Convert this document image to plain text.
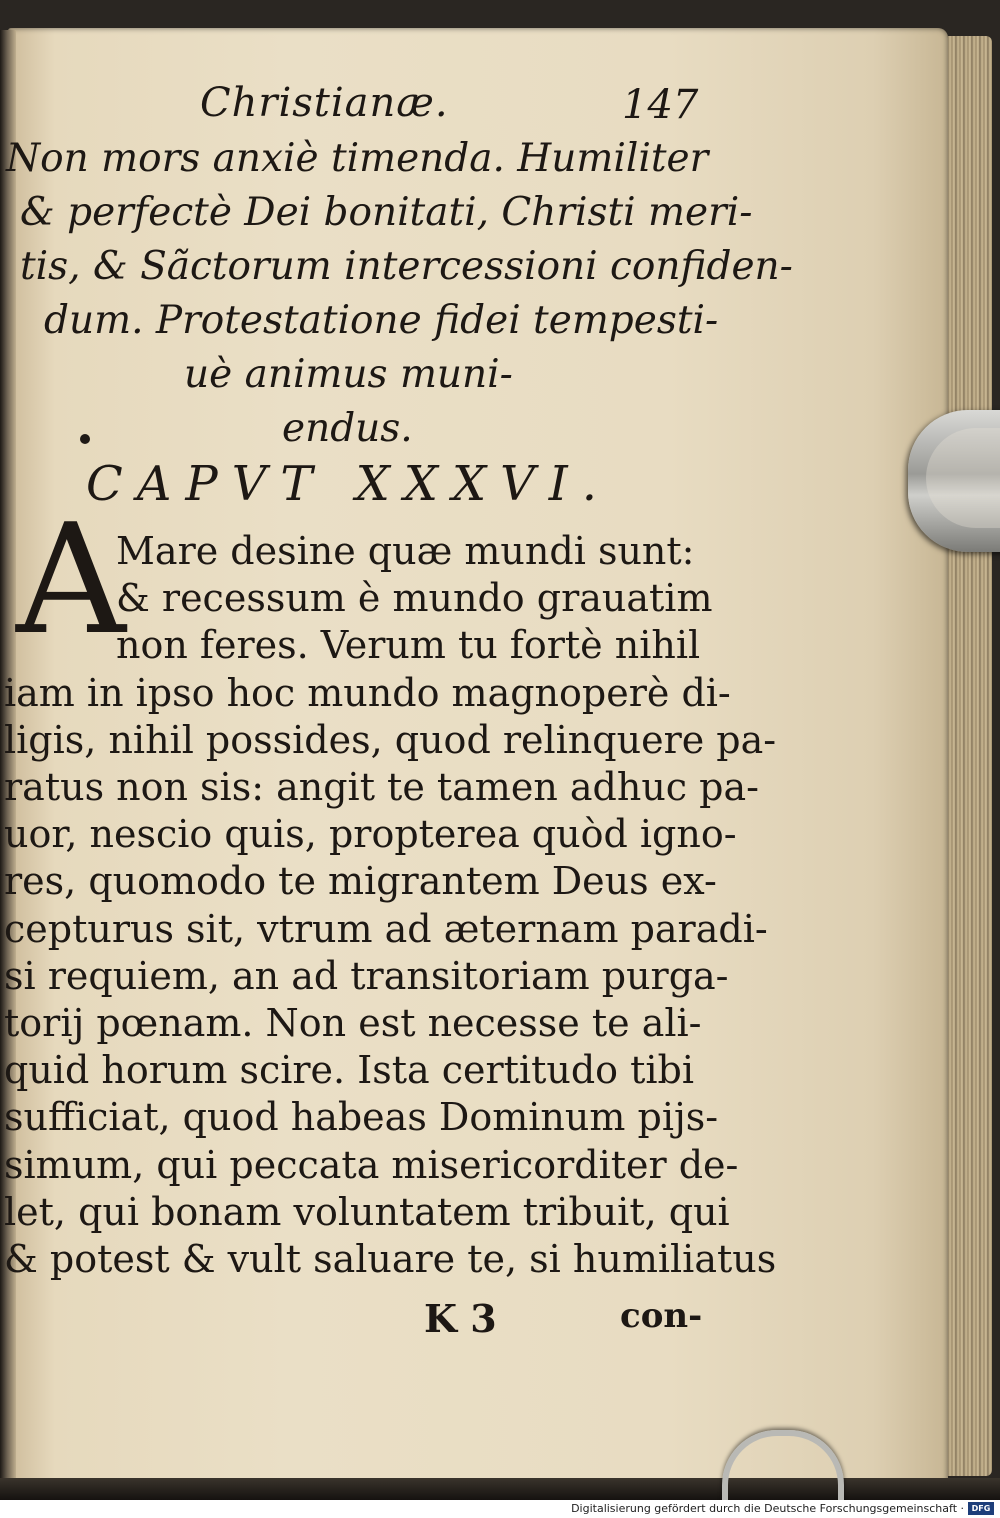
Christianæ.	147
Non mors anxiè timenda. Humiliter
& perfectè Dei bonitati, Christi meri-
tis, & Sãctorum intercessioni confiden-
dum. Protestatione fidei tempesti-
uè animus muni-
endus.
CAPVT XXXVI.
A
Mare desine quæ mundi sunt:
& recessum è mundo grauatim
non feres. Verum tu fortè nihil
iam in ipso hoc mundo magnoperè di-
ligis, nihil possides, quod relinquere pa-
ratus non sis: angit te tamen adhuc pa-
uor, nescio quis, propterea quòd igno-
res, quomodo te migrantem Deus ex-
cepturus sit, vtrum ad æternam paradi-
si requiem, an ad transitoriam purga-
torij pœnam. Non est necesse te ali-
quid horum scire. Ista certitudo tibi
sufficiat, quod habeas Dominum pijs-
simum, qui peccata misericorditer de-
let, qui bonam voluntatem tribuit, qui
& potest & vult saluare te, si humiliatus
K 3	con-
Digitalisierung gefördert durch die Deutsche Forschungsgemeinschaft · DFG
